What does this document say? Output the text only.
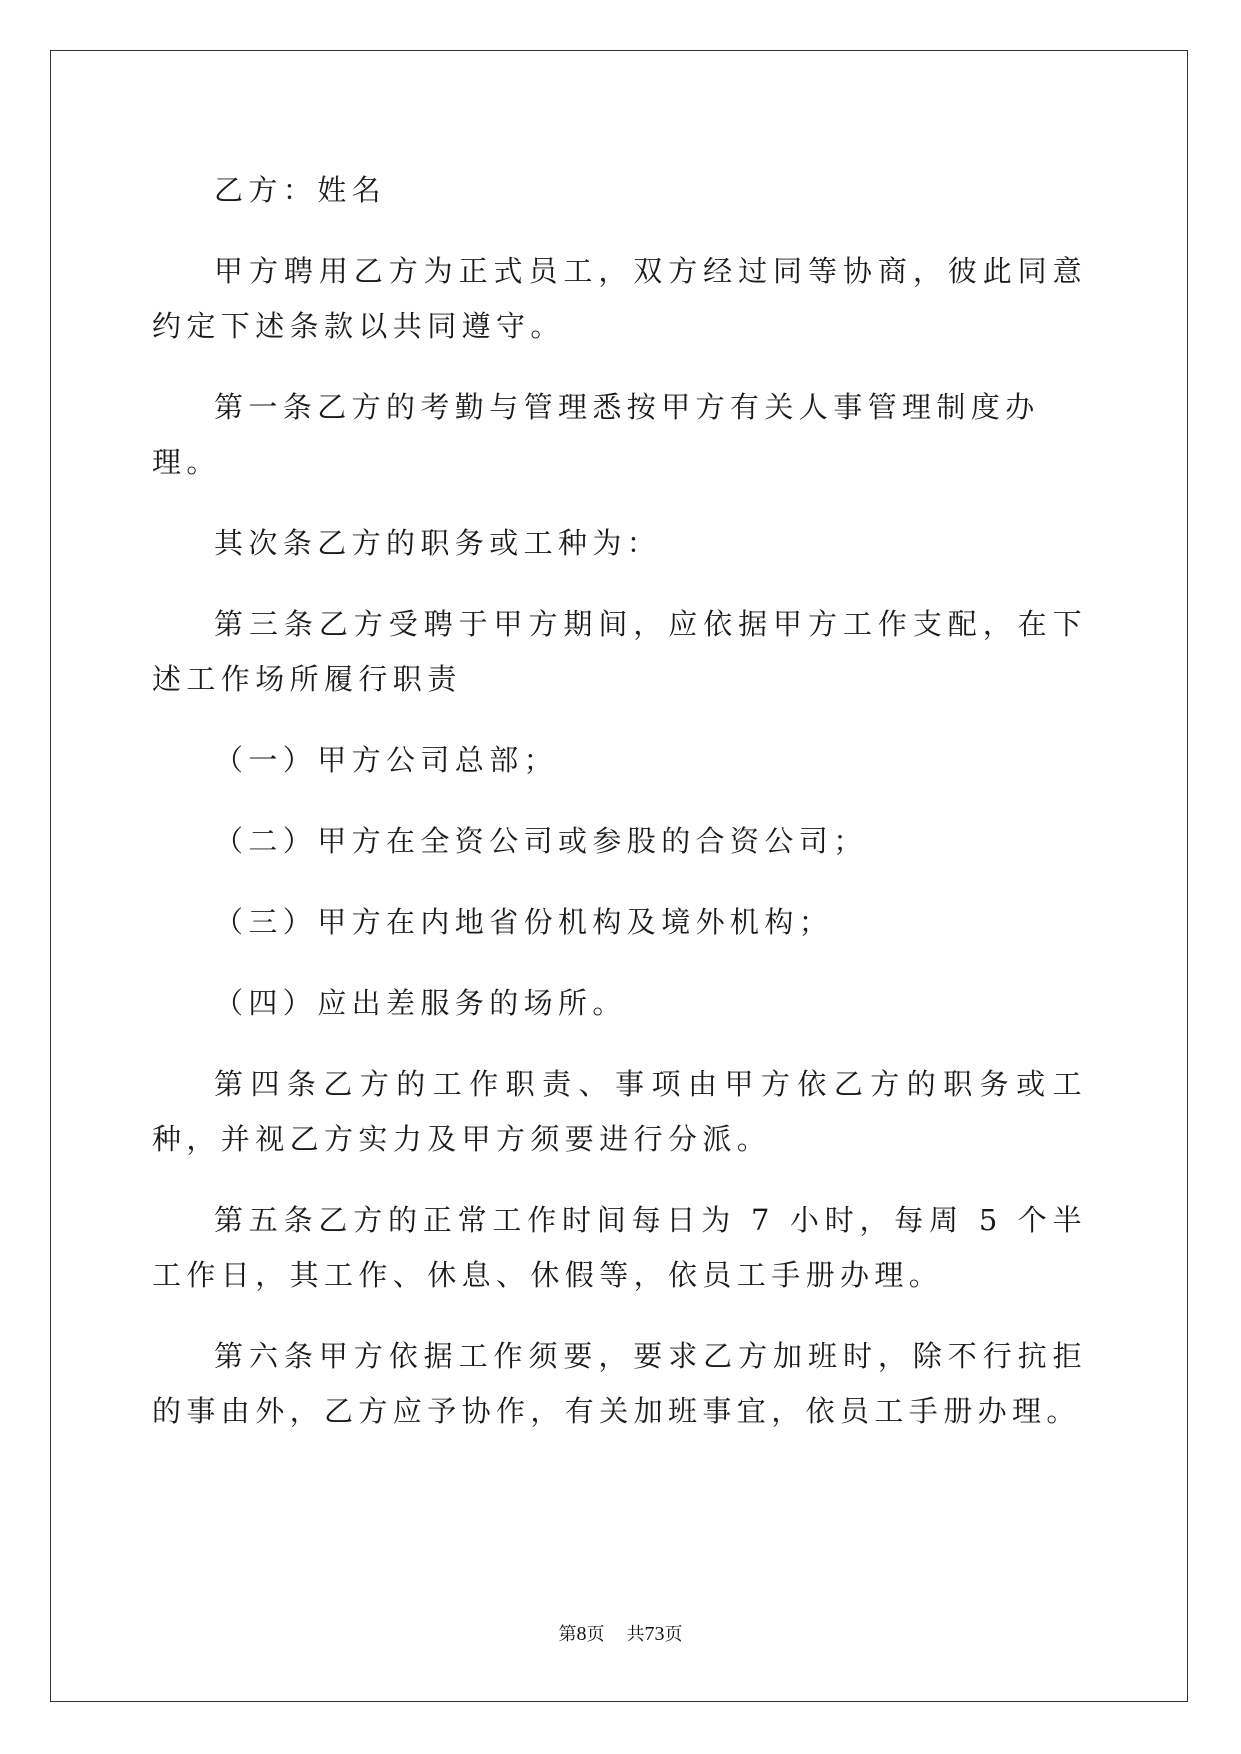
乙方：姓名

甲方聘用乙方为正式员工，双方经过同等协商，彼此同意约定下述条款以共同遵守。

第一条乙方的考勤与管理悉按甲方有关人事管理制度办理。

其次条乙方的职务或工种为：

第三条乙方受聘于甲方期间，应依据甲方工作支配，在下述工作场所履行职责

（一）甲方公司总部；

（二）甲方在全资公司或参股的合资公司；

（三）甲方在内地省份机构及境外机构；

（四）应出差服务的场所。

第四条乙方的工作职责、事项由甲方依乙方的职务或工种，并视乙方实力及甲方须要进行分派。

第五条乙方的正常工作时间每日为 7 小时，每周 5 个半工作日，其工作、休息、休假等，依员工手册办理。

第六条甲方依据工作须要，要求乙方加班时，除不行抗拒的事由外，乙方应予协作，有关加班事宜，依员工手册办理。

第8页 共73页
